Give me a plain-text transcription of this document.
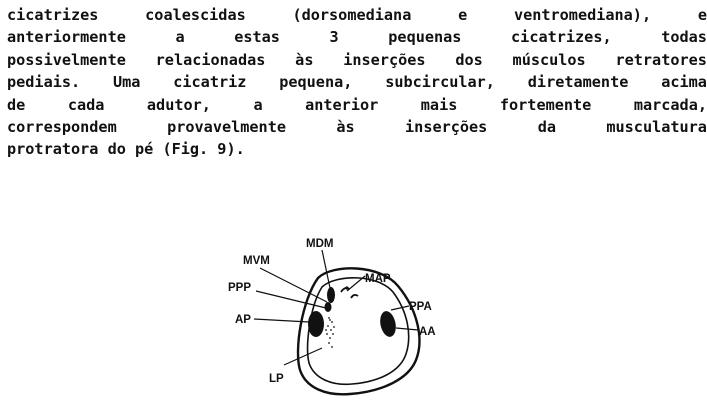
cicatrizes	coalescidas	(dorsomediana	e	ventromediana),	e
anteriormente	a	estas	3	pequenas	cicatrizes,	todas
possivelmente relacionadas às inserções dos músculos retratores
pediais. Uma cicatriz pequena, subcircular, diretamente acima
de	cada	adutor,	a	anterior	mais	fortemente	marcada,
correspondem	provavelmente	às	inserções	da	musculatura
protratora do pé (Fig. 9).
MDM
MVM
MAP
PPP
PPA
AP
AA
LP
